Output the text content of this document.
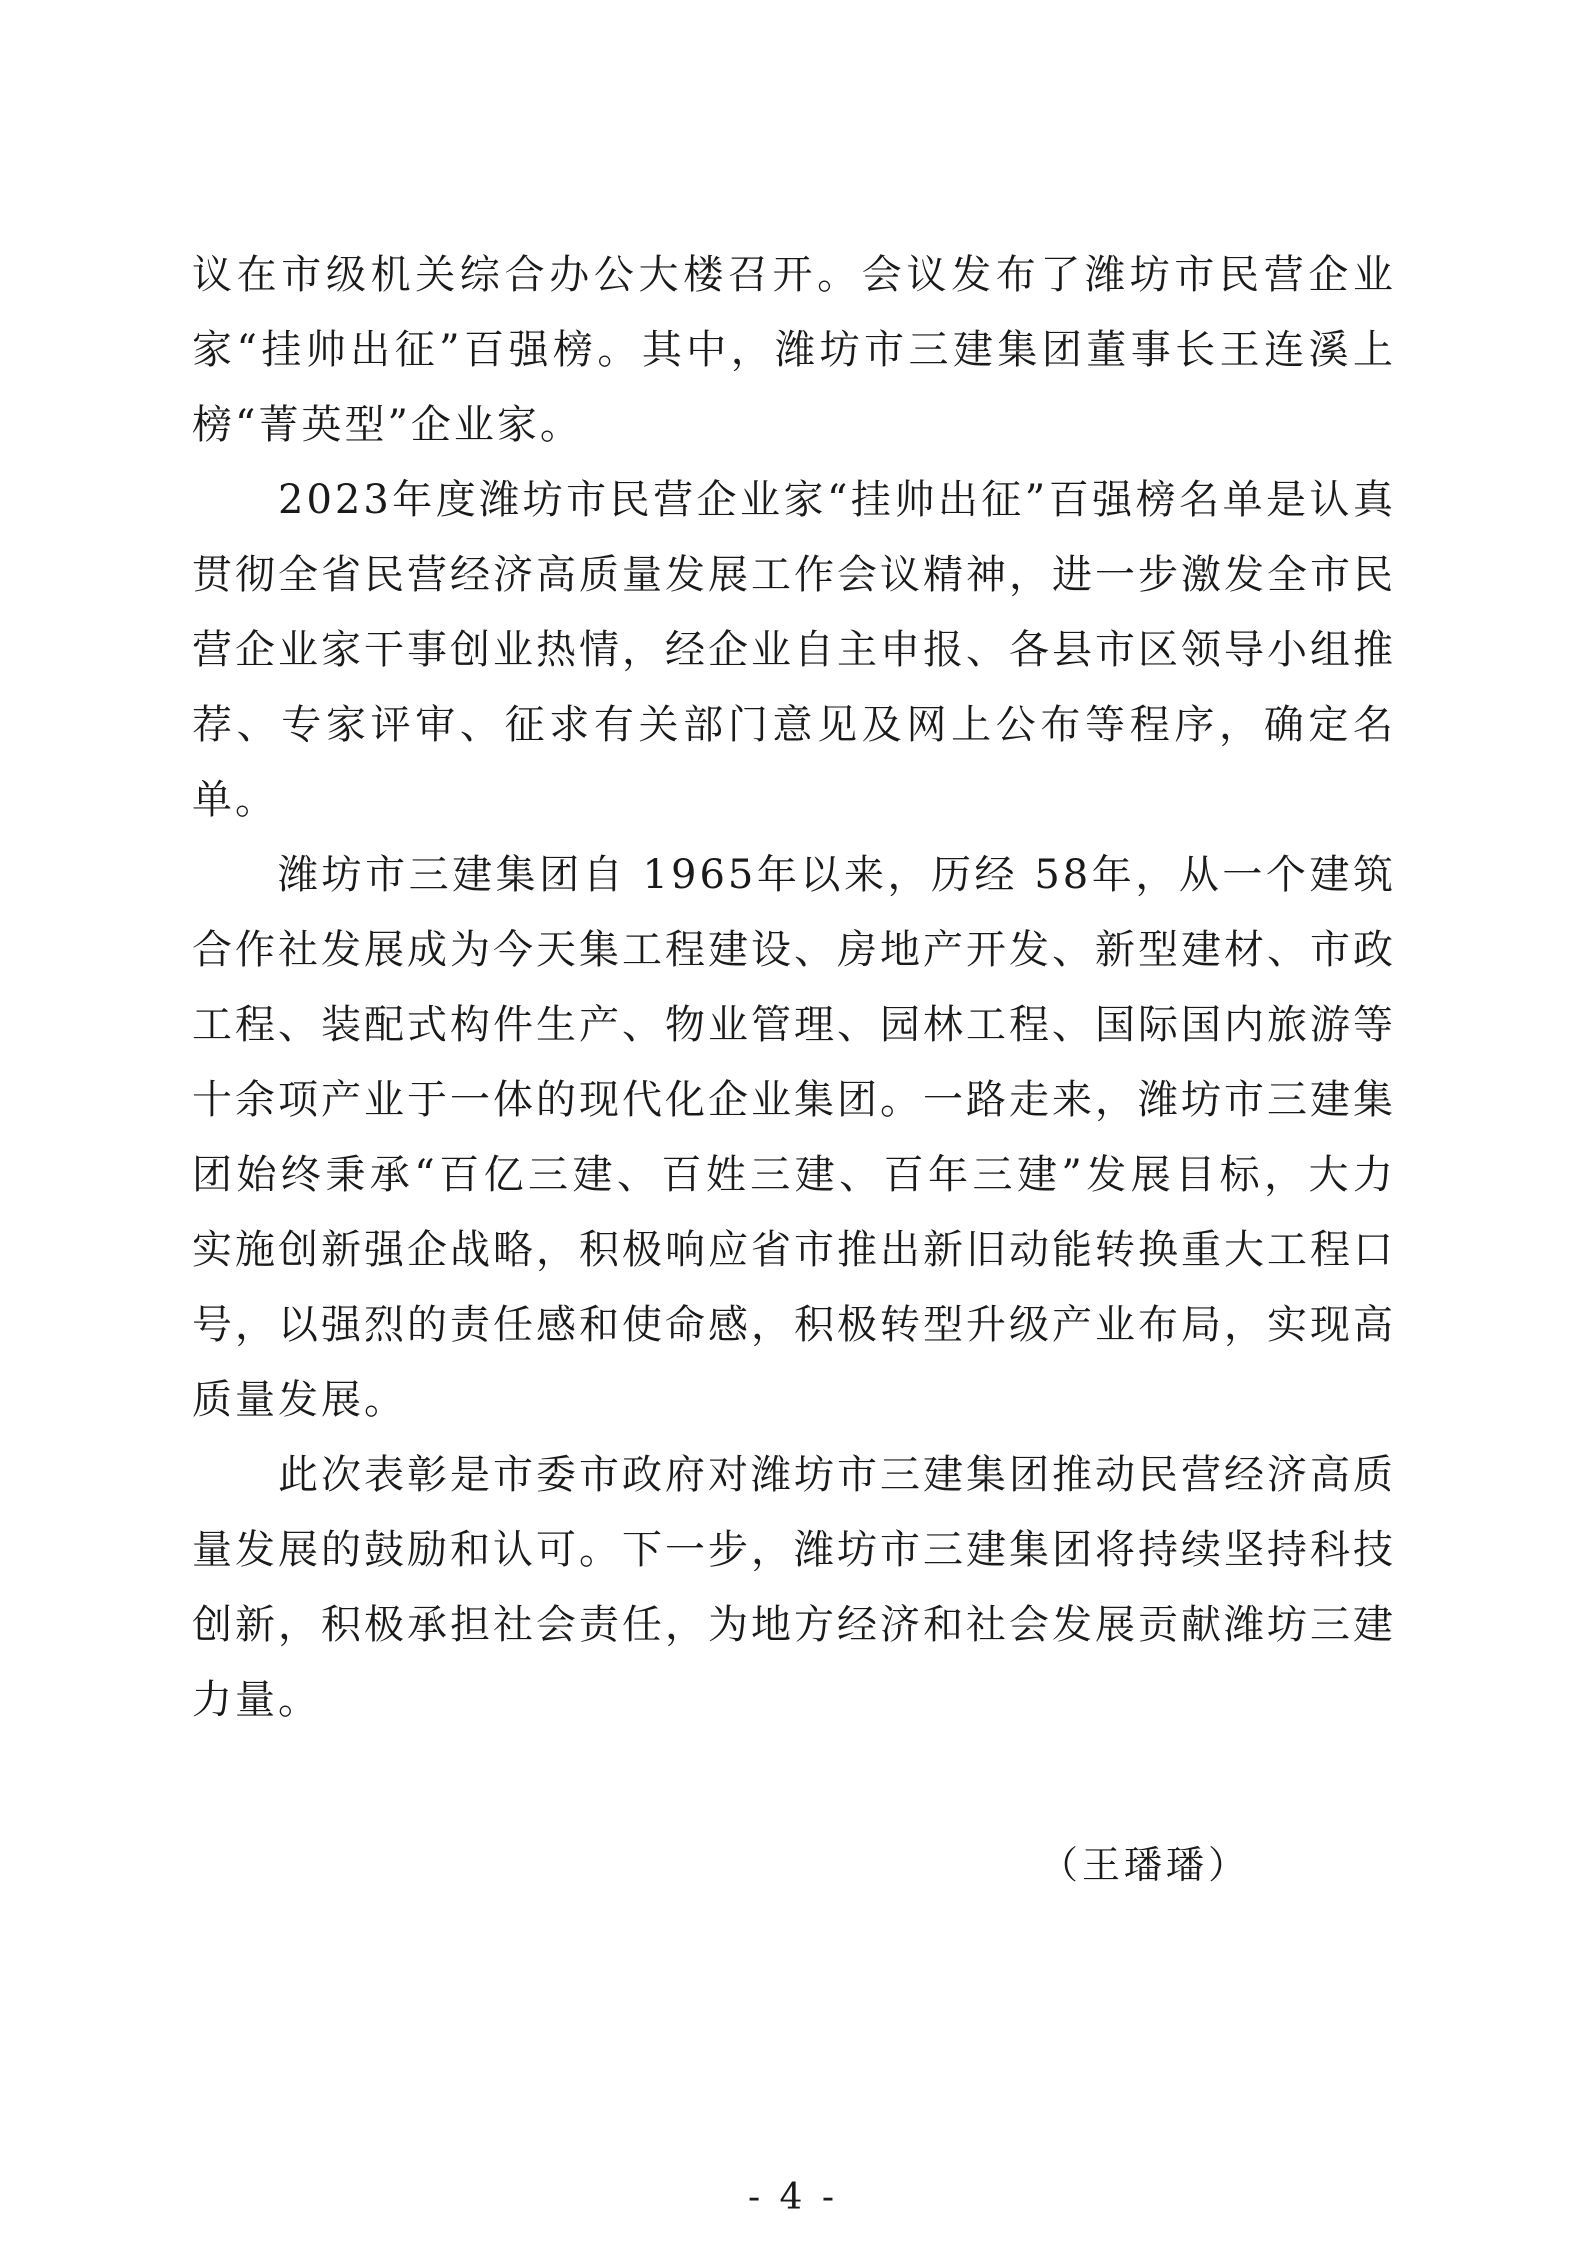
议在市级机关综合办公大楼召开。会议发布了潍坊市民营企业家“挂帅出征”百强榜。其中，潍坊市三建集团董事长王连溪上榜“菁英型”企业家。

2023年度潍坊市民营企业家“挂帅出征”百强榜名单是认真贯彻全省民营经济高质量发展工作会议精神，进一步激发全市民营企业家干事创业热情，经企业自主申报、各县市区领导小组推荐、专家评审、征求有关部门意见及网上公布等程序，确定名单。

潍坊市三建集团自 1965年以来，历经 58年，从一个建筑合作社发展成为今天集工程建设、房地产开发、新型建材、市政工程、装配式构件生产、物业管理、园林工程、国际国内旅游等十余项产业于一体的现代化企业集团。一路走来，潍坊市三建集团始终秉承“百亿三建、百姓三建、百年三建”发展目标，大力实施创新强企战略，积极响应省市推出新旧动能转换重大工程口号，以强烈的责任感和使命感，积极转型升级产业布局，实现高质量发展。

此次表彰是市委市政府对潍坊市三建集团推动民营经济高质量发展的鼓励和认可。下一步，潍坊市三建集团将持续坚持科技创新，积极承担社会责任，为地方经济和社会发展贡献潍坊三建力量。

（王璠璠）
- 4 -
